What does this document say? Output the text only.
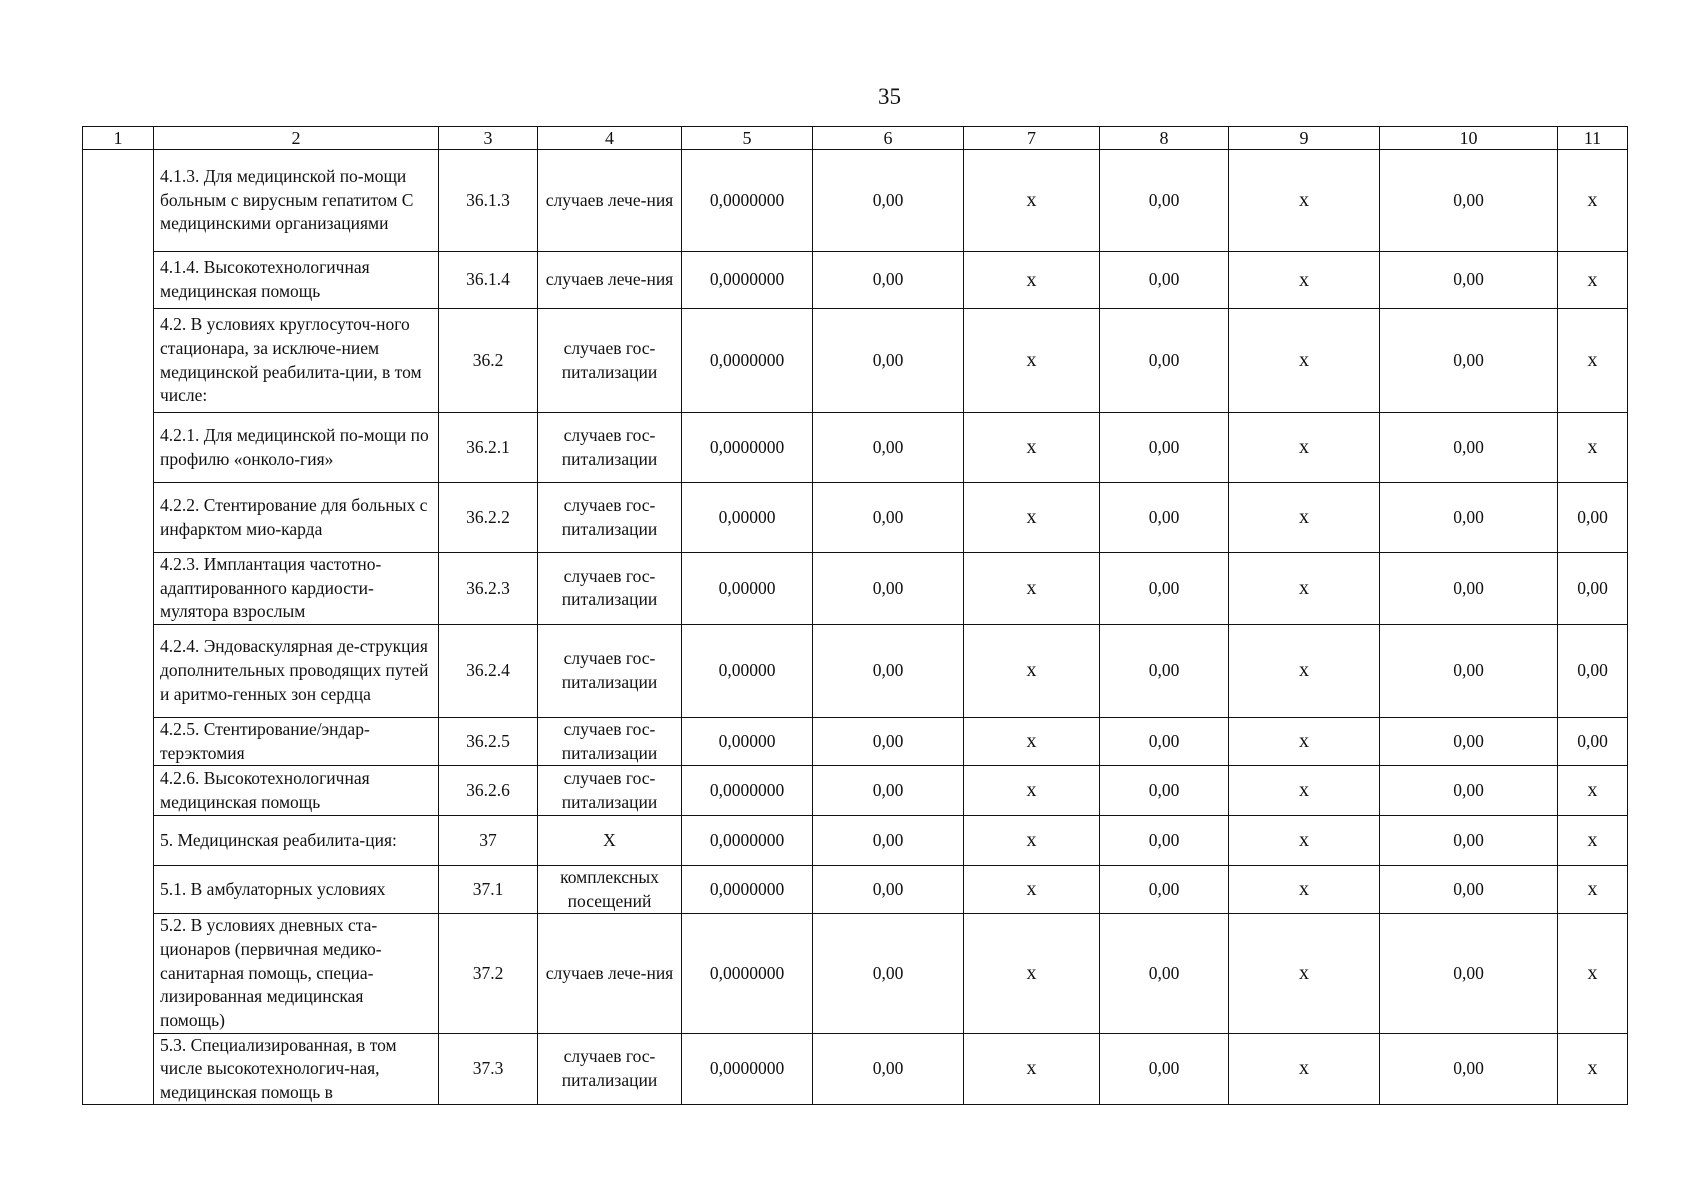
35
1	2	3	4	5	6	7	8	9	10	11
	4.1.3. Для медицинской по-мощи больным с вирусным гепатитом С медицинскими организациями	36.1.3	случаев лече-ния	0,0000000	0,00	x	0,00	x	0,00	x
	4.1.4. Высокотехнологичная медицинская помощь	36.1.4	случаев лече-ния	0,0000000	0,00	x	0,00	x	0,00	x
	4.2. В условиях круглосуточ-ного стационара, за исключе-нием медицинской реабилита-ции, в том числе:	36.2	случаев гос-питализации	0,0000000	0,00	x	0,00	x	0,00	x
	4.2.1. Для медицинской по-мощи по профилю «онколо-гия»	36.2.1	случаев гос-питализации	0,0000000	0,00	x	0,00	x	0,00	x
	4.2.2. Стентирование для больных с инфарктом мио-карда	36.2.2	случаев гос-питализации	0,00000	0,00	x	0,00	x	0,00	0,00
	4.2.3. Имплантация частотно-адаптированного кардиости-мулятора взрослым	36.2.3	случаев гос-питализации	0,00000	0,00	x	0,00	x	0,00	0,00
	4.2.4. Эндоваскулярная де-струкция дополнительных проводящих путей и аритмо-генных зон сердца	36.2.4	случаев гос-питализации	0,00000	0,00	x	0,00	x	0,00	0,00
	4.2.5. Стентирование/эндар-терэктомия	36.2.5	случаев гос-питализации	0,00000	0,00	x	0,00	x	0,00	0,00
	4.2.6. Высокотехнологичная медицинская помощь	36.2.6	случаев гос-питализации	0,0000000	0,00	x	0,00	x	0,00	x
	5. Медицинская реабилита-ция:	37	X	0,0000000	0,00	x	0,00	x	0,00	x
	5.1. В амбулаторных условиях	37.1	комплексных посещений	0,0000000	0,00	x	0,00	x	0,00	x
	5.2. В условиях дневных ста-ционаров (первичная медико-санитарная помощь, специа-лизированная медицинская помощь)	37.2	случаев лече-ния	0,0000000	0,00	x	0,00	x	0,00	x
	5.3. Специализированная, в том числе высокотехнологич-ная, медицинская помощь в	37.3	случаев гос-питализации	0,0000000	0,00	x	0,00	x	0,00	x
